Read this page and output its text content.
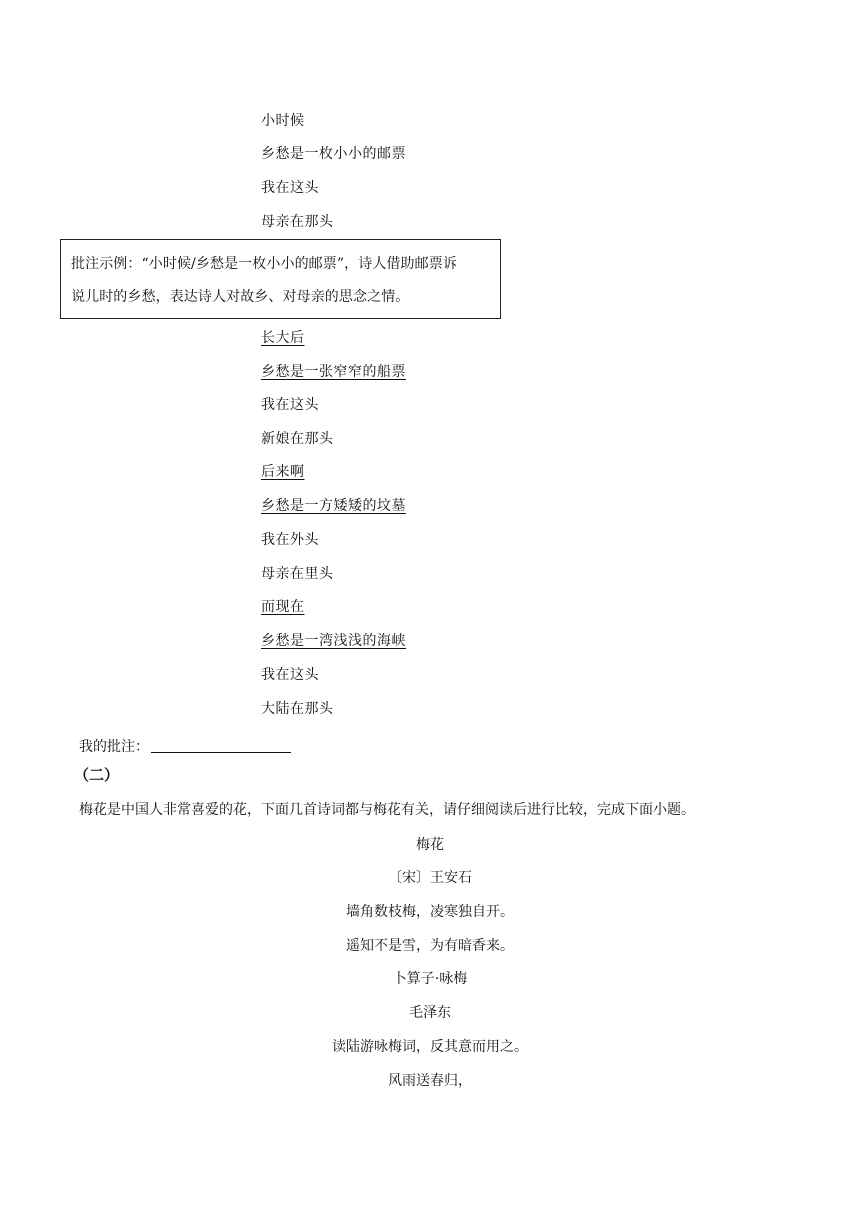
小时候
乡愁是一枚小小的邮票
我在这头
母亲在那头
批注示例：“小时候/乡愁是一枚小小的邮票”，诗人借助邮票诉
说儿时的乡愁，表达诗人对故乡、对母亲的思念之情。
长大后
乡愁是一张窄窄的船票
我在这头
新娘在那头
后来啊
乡愁是一方矮矮的坟墓
我在外头
母亲在里头
而现在
乡愁是一湾浅浅的海峡
我在这头
大陆在那头
我的批注：
（二）
梅花是中国人非常喜爱的花，下面几首诗词都与梅花有关，请仔细阅读后进行比较，完成下面小题。
梅花
〔宋〕王安石
墙角数枝梅，凌寒独自开。
遥知不是雪，为有暗香来。
卜算子·咏梅
毛泽东
读陆游咏梅词，反其意而用之。
风雨送春归，
